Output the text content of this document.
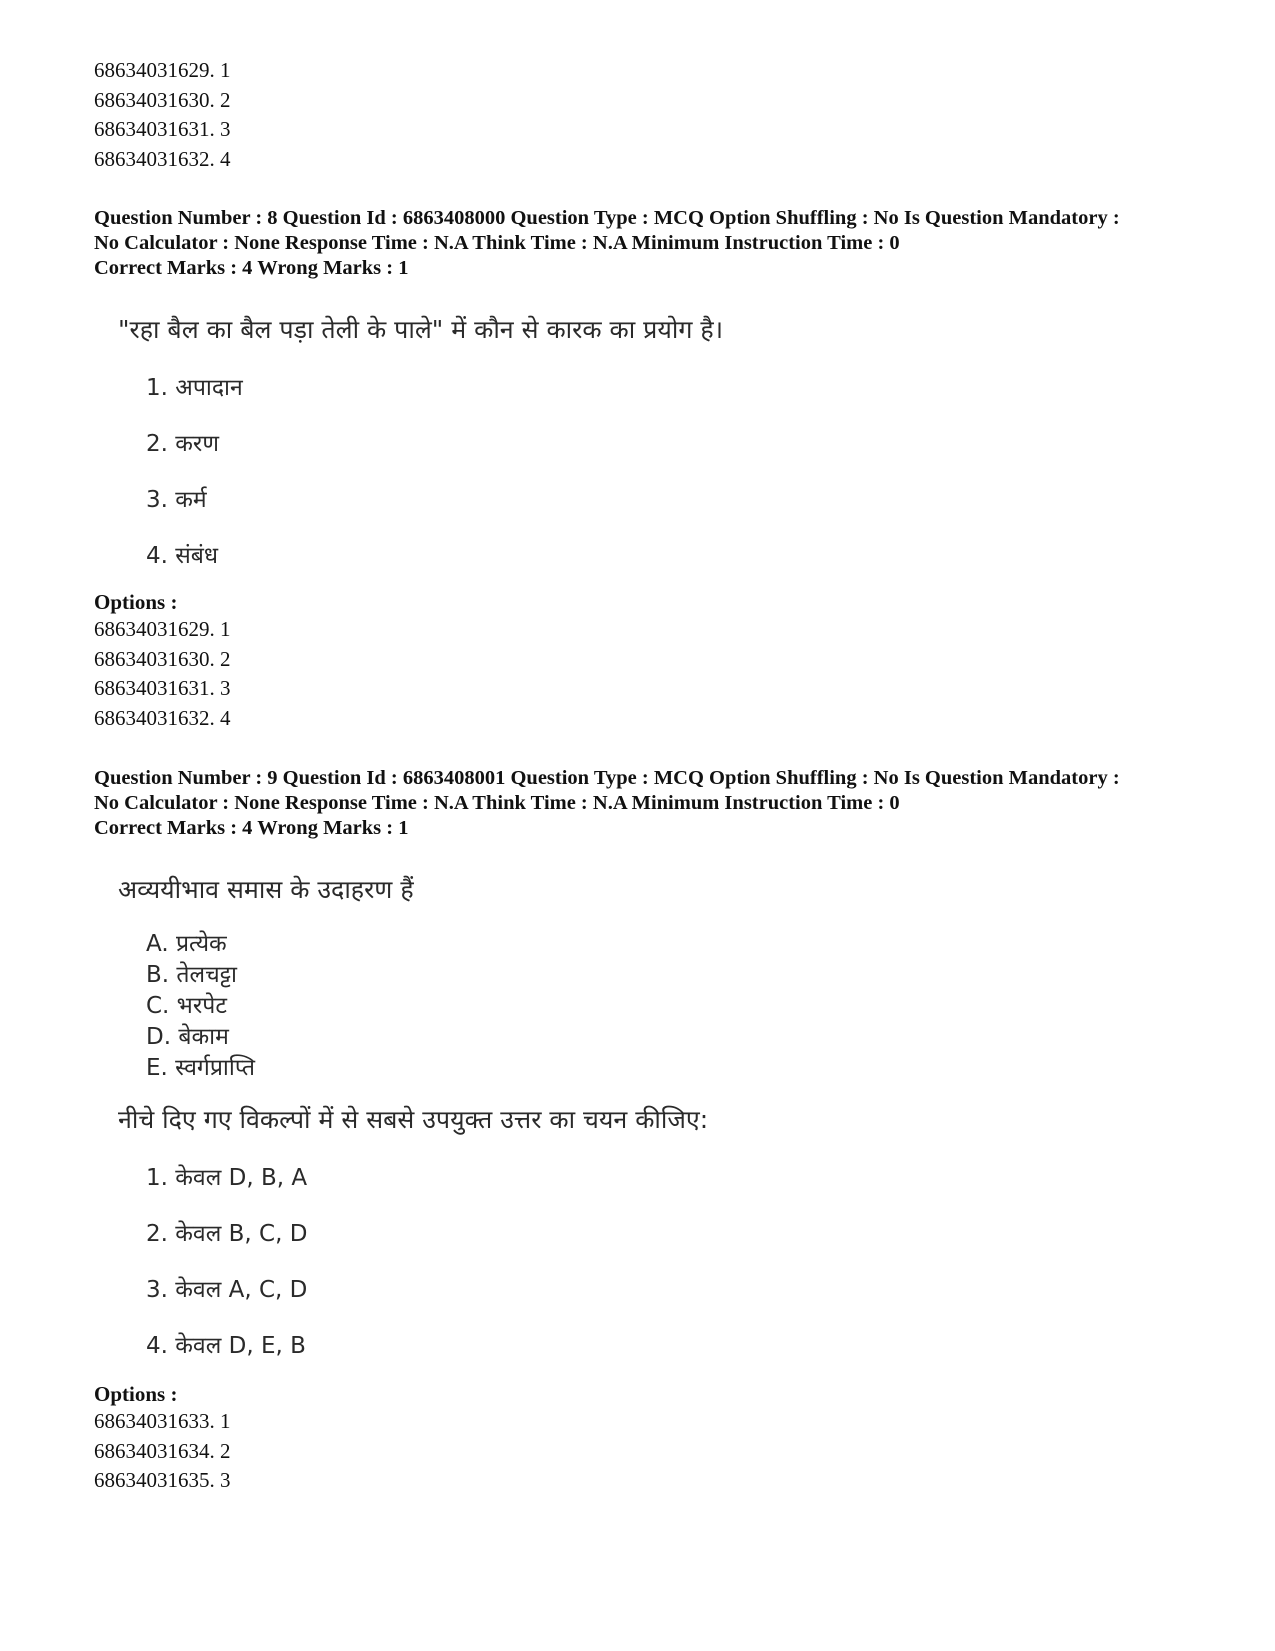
68634031629. 1
68634031630. 2
68634031631. 3
68634031632. 4
Question Number : 8 Question Id : 6863408000 Question Type : MCQ Option Shuffling : No Is Question Mandatory :
No Calculator : None Response Time : N.A Think Time : N.A Minimum Instruction Time : 0
Correct Marks : 4 Wrong Marks : 1
"रहा बैल का बैल पड़ा तेली के पाले" में कौन से कारक का प्रयोग है।
1. अपादान
2. करण
3. कर्म
4. संबंध
Options :
68634031629. 1
68634031630. 2
68634031631. 3
68634031632. 4
Question Number : 9 Question Id : 6863408001 Question Type : MCQ Option Shuffling : No Is Question Mandatory :
No Calculator : None Response Time : N.A Think Time : N.A Minimum Instruction Time : 0
Correct Marks : 4 Wrong Marks : 1
अव्ययीभाव समास के उदाहरण हैं
A. प्रत्येक
B. तेलचट्टा
C. भरपेट
D. बेकाम
E. स्वर्गप्राप्ति
नीचे दिए गए विकल्पों में से सबसे उपयुक्त उत्तर का चयन कीजिए:
1. केवल D, B, A
2. केवल B, C, D
3. केवल A, C, D
4. केवल D, E, B
Options :
68634031633. 1
68634031634. 2
68634031635. 3
